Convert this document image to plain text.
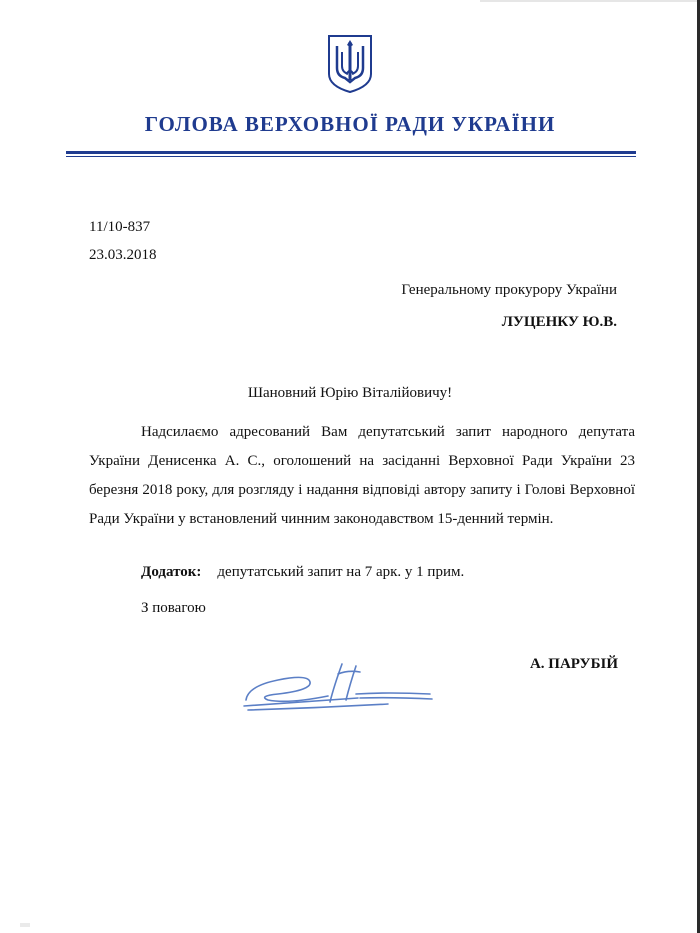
ГОЛОВА ВЕРХОВНОЇ РАДИ УКРАЇНИ
11/10-837
23.03.2018
Генеральному прокурору України
ЛУЦЕНКУ Ю.В.
Шановний Юрію Віталійовичу!

Надсилаємо адресований Вам депутатський запит народного депутата України Денисенка А. С., оголошений на засіданні Верховної Ради України 23 березня 2018 року, для розгляду і надання відповіді автору запиту і Голові Верховної Ради України у встановлений чинним законодавством 15-денний термін.

Додаток: депутатський запит на 7 арк. у 1 прим.
З повагою
А. ПАРУБІЙ
